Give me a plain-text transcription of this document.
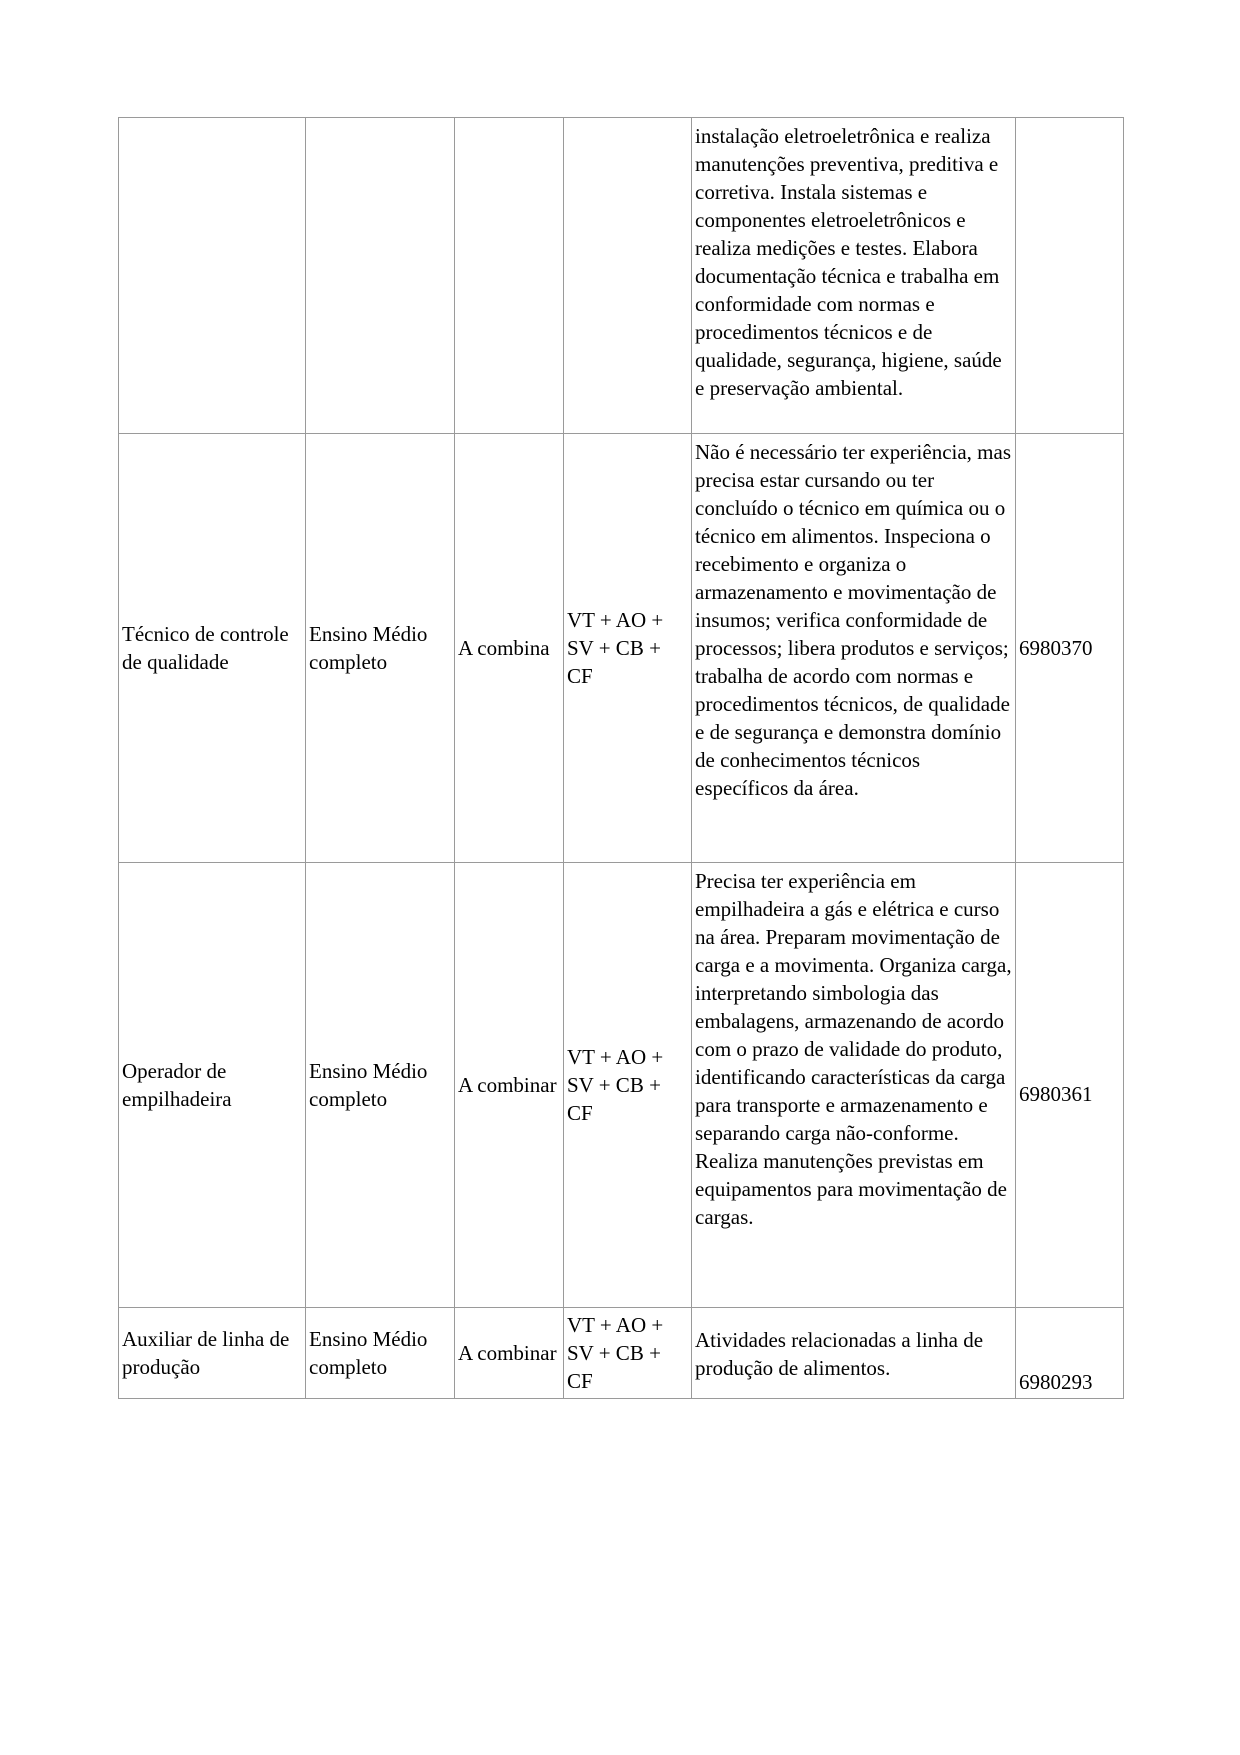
				instalação eletroeletrônica e realiza manutenções preventiva, preditiva e corretiva. Instala sistemas e componentes eletroeletrônicos e realiza medições e testes. Elabora documentação técnica e trabalha em conformidade com normas e procedimentos técnicos e de qualidade, segurança, higiene, saúde e preservação ambiental.	
Técnico de controle de qualidade	Ensino Médio completo	A combina	VT + AO + SV + CB + CF	Não é necessário ter experiência, mas precisa estar cursando ou ter concluído o técnico em química ou o técnico em alimentos. Inspeciona o recebimento e organiza o armazenamento e movimentação de insumos; verifica conformidade de processos; libera produtos e serviços; trabalha de acordo com normas e procedimentos técnicos, de qualidade e de segurança e demonstra domínio de conhecimentos técnicos específicos da área.	6980370
Operador de empilhadeira	Ensino Médio completo	A combinar	VT + AO + SV + CB + CF	Precisa ter experiência em empilhadeira a gás e elétrica e curso na área. Preparam movimentação de carga e a movimenta. Organiza carga, interpretando simbologia das embalagens, armazenando de acordo com o prazo de validade do produto, identificando características da carga para transporte e armazenamento e separando carga não-conforme. Realiza manutenções previstas em equipamentos para movimentação de cargas.	6980361
Auxiliar de linha de produção	Ensino Médio completo	A combinar	VT + AO + SV + CB + CF	Atividades relacionadas a linha de produção de alimentos.	6980293
